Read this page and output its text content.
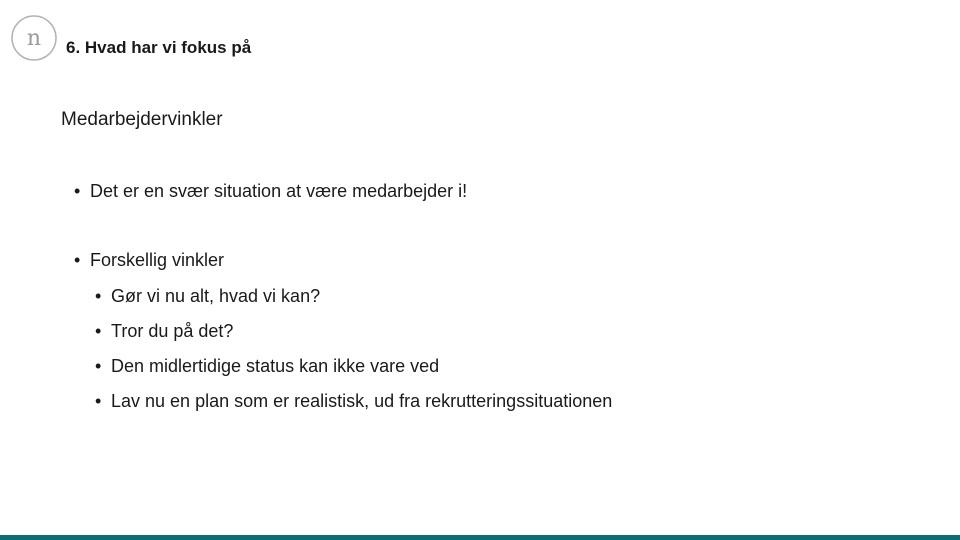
n 6. Hvad har vi fokus på
Medarbejdervinkler
• Det er en svær situation at være medarbejder i!
• Forskellig vinkler
• Gør vi nu alt, hvad vi kan?
• Tror du på det?
• Den midlertidige status kan ikke vare ved
• Lav nu en plan som er realistisk, ud fra rekrutteringssituationen
